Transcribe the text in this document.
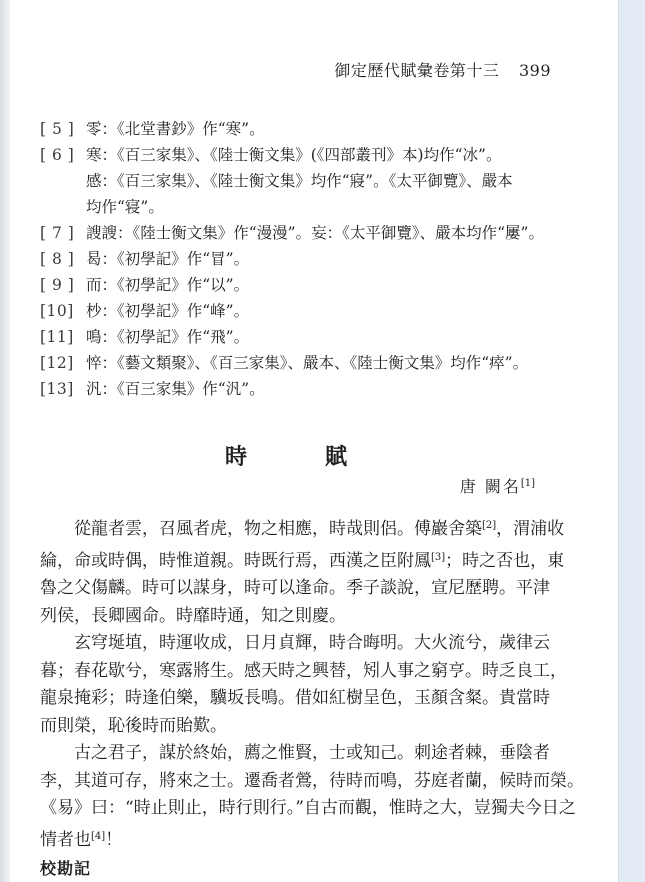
御定歷代賦彙卷第十三 399
[ 5 ] 零：《北堂書鈔》作“寒”。
[ 6 ] 寒：《百三家集》、《陸士衡文集》(《四部叢刊》本)均作“冰”。
感：《百三家集》、《陸士衡文集》均作“寢”。《太平御覽》、嚴本
均作“寝”。
[ 7 ] 謏謏：《陸士衡文集》作“漫漫”。妄：《太平御覽》、嚴本均作“屢”。
[ 8 ] 曷：《初學記》作“冒”。
[ 9 ] 而：《初學記》作“以”。
[10] 杪：《初學記》作“峰”。
[11] 鳴：《初學記》作“飛”。
[12] 悴：《藝文類聚》、《百三家集》、嚴本、《陸士衡文集》均作“瘁”。
[13] 汎：《百三家集》作“汎”。
時　賦
唐 闕名[1]

從龍者雲，召風者虎，物之相應，時哉則侶。傅巖舍築[2]，渭浦收
綸，命或時偶，時惟道親。時既行焉，西漢之臣附鳳[3]；時之否也，東
魯之父傷麟。時可以謀身，時可以逢命。季子談說，宣尼歷聘。平津
列侯，長卿國命。時靡時通，知之則慶。

玄穹埏埴，時運收成，日月貞輝，時合晦明。大火流兮，歲律云
暮；春花歇兮，寒露將生。感天時之興替，矧人事之窮亨。時乏良工，
龍泉掩彩；時逢伯樂，驥坂長鳴。借如紅樹呈色，玉顏含粲。貴當時
而則榮，恥後時而貽歎。

古之君子，謀於終始，薦之惟賢，士或知己。刺途者棘，垂陰者
李，其道可存，將來之士。遷喬者鶯，待時而鳴，芬庭者蘭，候時而榮。
《易》曰：“時止則止，時行則行。”自古而觀，惟時之大，豈獨夫今日之
情者也[4]！

校勘記
